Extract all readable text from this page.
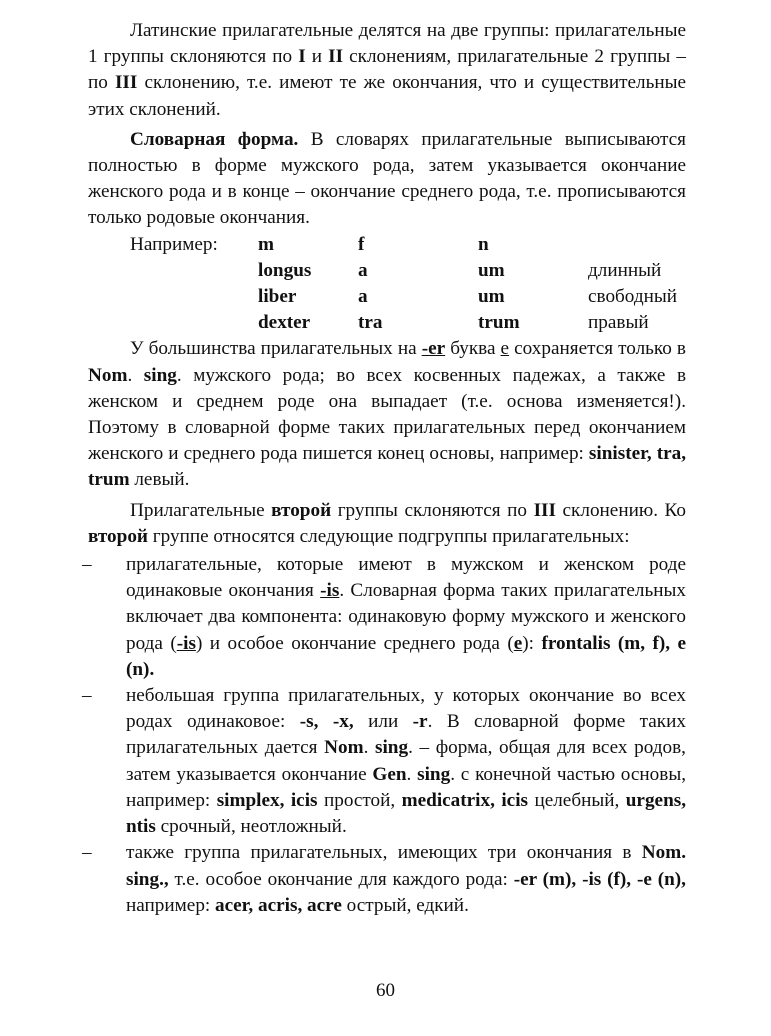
Латинские прилагательные делятся на две группы: прилагательные 1 группы склоняются по I и II склонениям, прилагательные 2 группы – по III склонению, т.е. имеют те же окончания, что и существительные этих склонений.

Словарная форма. В словарях прилагательные выписываются полностью в форме мужского рода, затем указывается окончание женского рода и в конце – окончание среднего рода, т.е. прописываются только родовые окончания.

Например:	m	f	n
longus	a	um	длинный
liber	a	um	свободный
dexter	tra	trum	правый

У большинства прилагательных на -er буква е сохраняется только в Nom. sing. мужского рода; во всех косвенных падежах, а также в женском и среднем роде она выпадает (т.е. основа изменяется!). Поэтому в словарной форме таких прилагательных перед окончанием женского и среднего рода пишется конец основы, например: sinister, tra, trum левый.

Прилагательные второй группы склоняются по III склонению. Ко второй группе относятся следующие подгруппы прилагательных:

– прилагательные, которые имеют в мужском и женском роде одинаковые окончания -is. Словарная форма таких прилагательных включает два компонента: одинаковую форму мужского и женского рода (-is) и особое окончание среднего рода (e): frontalis (m, f), e (n).

– небольшая группа прилагательных, у которых окончание во всех родах одинаковое: -s, -x, или -r. В словарной форме таких прилагательных дается Nom. sing. – форма, общая для всех родов, затем указывается окончание Gen. sing. с конечной частью основы, например: simplex, icis простой, medicatrix, icis целебный, urgens, ntis срочный, неотложный.

– также группа прилагательных, имеющих три окончания в Nom. sing., т.е. особое окончание для каждого рода: -er (m), -is (f), -e (n), например: acer, acris, acre острый, едкий.

60
